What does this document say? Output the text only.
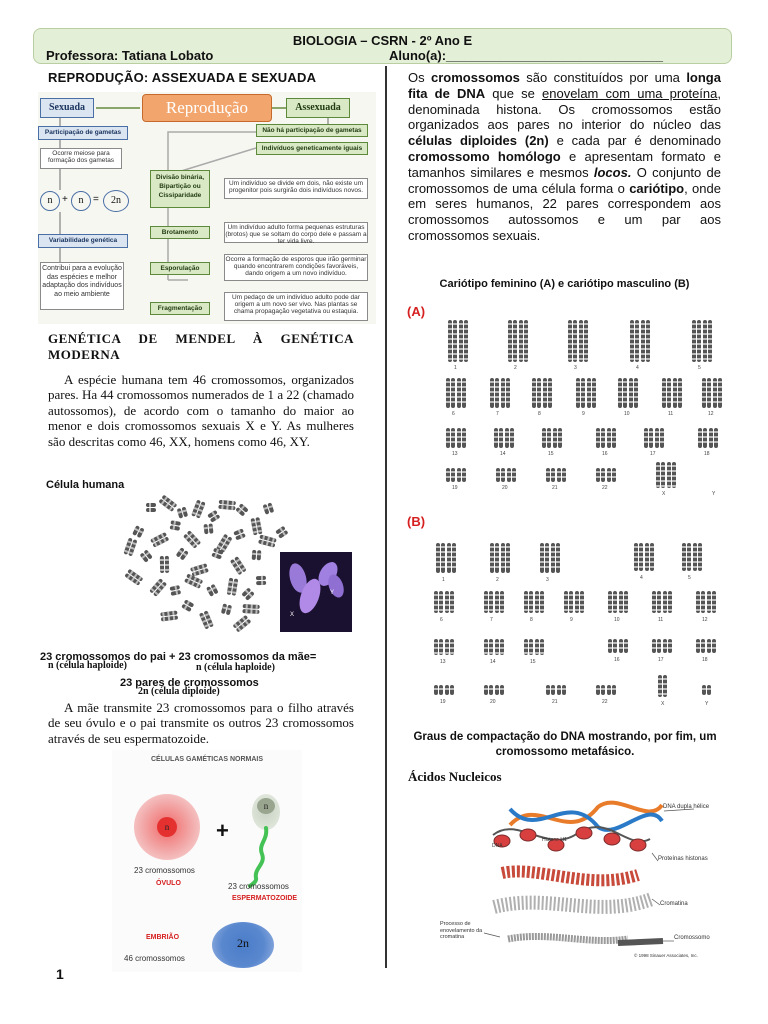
BIOLOGIA – CSRN - 2º Ano E
Professora: Tatiana Lobato	Aluno(a):______________________________
REPRODUÇÃO: ASSEXUADA E SEXUADA
Sexuada	Reprodução	Assexuada
Participação de gametas
Ocorre meiose para formação dos gametas
n +	n =	2n
Variabilidade genética
Contribui para a evolução das espécies e melhor adaptação dos indivíduos ao meio ambiente
Não há participação de gametas
Indivíduos geneticamente iguais
Divisão binária, Bipartição ou Cissiparidade
Um indivíduo se divide em dois, não existe um progenitor pois surgirão dois indivíduos novos.
Brotamento
Um indivíduo adulto forma pequenas estruturas (brotos) que se soltam do corpo dele e passam a ter vida livre.
Esporulação
Ocorre a formação de esporos que irão germinar quando encontrarem condições favoráveis, dando origem a um novo indivíduo.
Fragmentação
Um pedaço de um indivíduo adulto pode dar origem a um novo ser vivo. Nas plantas se chama propagação vegetativa ou estaquia.
GENÉTICA DE MENDEL À GENÉTICA MODERNA
A espécie humana tem 46 cromossomos, organizados pares. Ha 44 cromossomos numerados de 1 a 22 (chamado autossomos), de acordo com o tamanho do maior ao menor e dois cromossomos sexuais X e Y. As mulheres são descritas como 46, XX, homens como 46, XY.
Célula humana
X
Y
23 cromossomos do pai + 23 cromossomos da mãe=
n (célula haploide)	n (célula haploide)
23 pares de cromossomos
2n (célula diploide)
A mãe transmite 23 cromossomos para o filho através de seu óvulo e o pai transmite os outros 23 cromossomos através de seu espermatozoide.
CÉLULAS GAMÉTICAS NORMAIS
n	+
n
23 cromossomos
ÓVULO	23 cromossomos
ESPERMATOZOIDE
EMBRIÃO
46 cromossomos
2n
1
Os cromossomos são constituídos por uma longa fita de DNA que se enovelam com uma proteína, denominada histona. Os cromossomos estão organizados aos pares no interior do núcleo das células diploides (2n) e cada par é denominado cromossomo homólogo e apresentam formato e tamanhos similares e mesmos locos. O conjunto de cromossomos de uma célula forma o cariótipo, onde em seres humanos, 22 pares correspondem aos cromossomos autossomos e um par aos cromossomos sexuais.
Cariótipo feminino (A) e cariótipo masculino (B)
(A)
(B)
1	2	3	4	5
6	7	8	9	10	11	12
13	14	15	16	17	18
19	20	21	22
X	Y
1	2	3
6	7	8	9	10	11	12
13	14	15
19	20	21	22
4	5
16	17	18
X	Y
Graus de compactação do DNA mostrando, por fim, um cromossomo metafásico.
Ácidos Nucleicos
DNA dupla hélice
Proteínas histonas
Cromatina
Cromossomo
Processo de enovelamento da cromatina
DNA
Histone H1
© 1998 Sinauer Associates, Inc.
